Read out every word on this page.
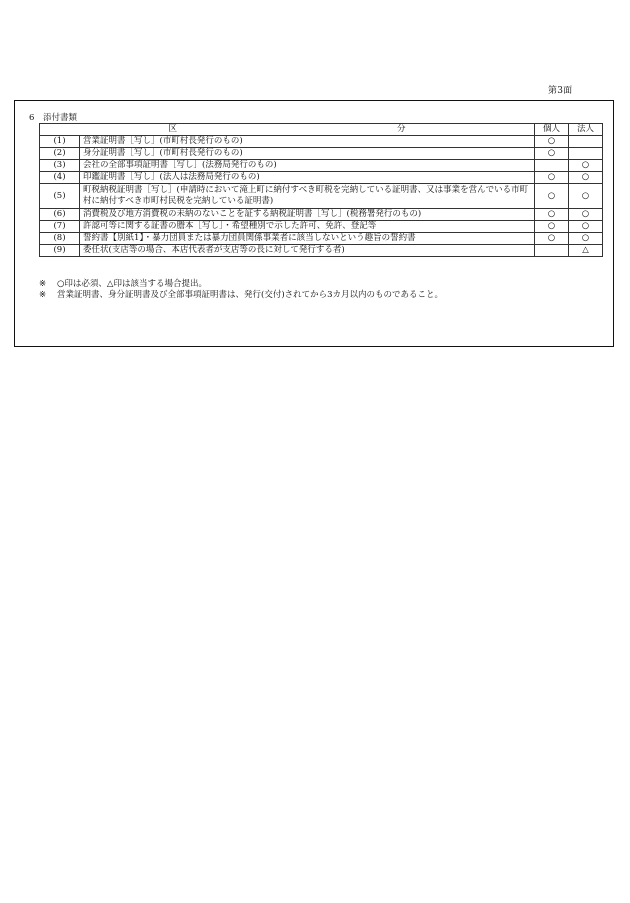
第3面
6 添付書類
区 分		個人	法人
(1)	営業証明書［写し］(市町村長発行のもの)	○	
(2)	身分証明書［写し］(市町村長発行のもの)	○	
(3)	会社の全部事項証明書［写し］(法務局発行のもの)		○
(4)	印鑑証明書［写し］(法人は法務局発行のもの)	○	○
(5)	町税納税証明書［写し］(申請時において滝上町に納付すべき町税を完納している証明書、又は事業を営んでいる市町村に納付すべき市町村民税を完納している証明書)	○	○
(6)	消費税及び地方消費税の未納のないことを証する納税証明書［写し］(税務署発行のもの)	○	○
(7)	許認可等に関する証書の謄本［写し］・希望種別で示した許可、免許、登記等	○	○
(8)	誓約書【別紙1】・暴力団員または暴力団員関係事業者に該当しないという趣旨の誓約書	○	○
(9)	委任状(支店等の場合、本店代表者が支店等の長に対して発行する者)		△
※ ○印は必須、△印は該当する場合提出。
※ 営業証明書、身分証明書及び全部事項証明書は、発行(交付)されてから3カ月以内のものであること。
